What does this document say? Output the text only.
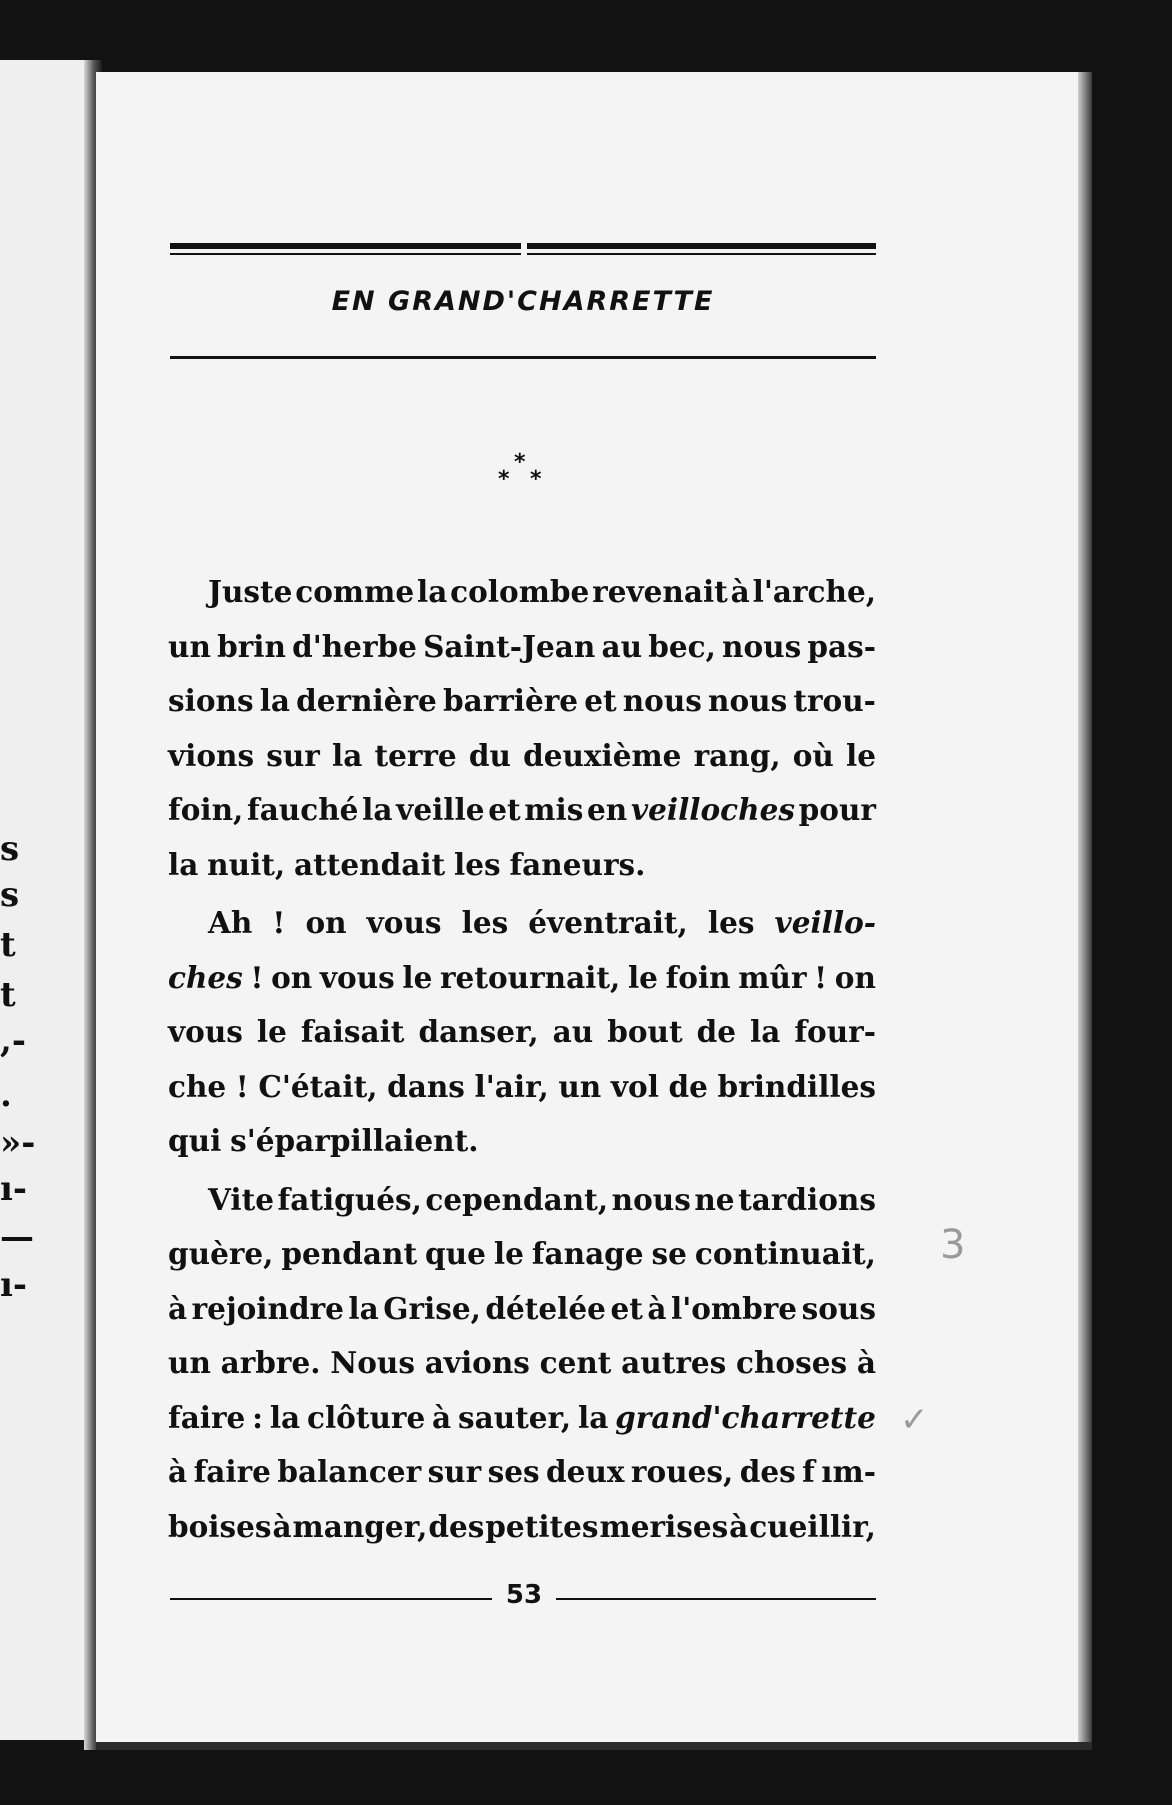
s
s
t
t
,-
.
»-
ı-
—
ı-
EN GRAND'CHARRETTE
*
* *
Juste comme la colombe revenait à l'arche,
un brin d'herbe Saint-Jean au bec, nous pas-
sions la dernière barrière et nous nous trou-
vions sur la terre du deuxième rang, où le
foin, fauché la veille et mis en veilloches pour
la nuit, attendait les faneurs.
Ah ! on vous les éventrait, les veillo-
ches ! on vous le retournait, le foin mûr ! on
vous le faisait danser, au bout de la four-
che ! C'était, dans l'air, un vol de brindilles
qui s'éparpillaient.
Vite fatigués, cependant, nous ne tardions
guère, pendant que le fanage se continuait,
à rejoindre la Grise, dételée et à l'ombre sous
un arbre. Nous avions cent autres choses à
faire : la clôture à sauter, la grand'charrette
à faire balancer sur ses deux roues, des f ım-
boises à manger, des petites merises à cueillir,
53
3
✓
